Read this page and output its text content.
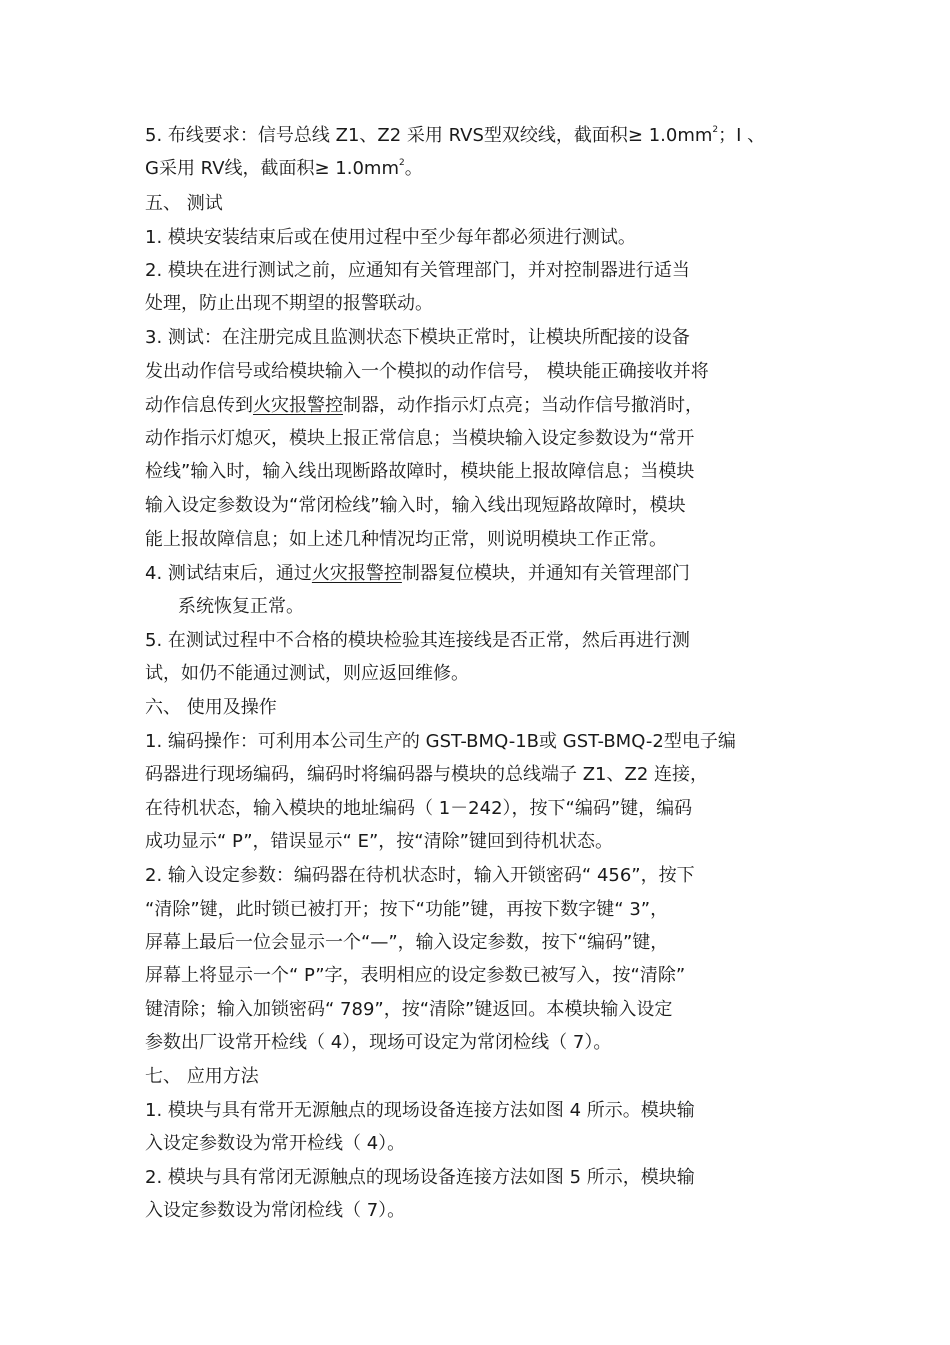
5. 布线要求：信号总线 Z1、Z2 采用 RVS型双绞线，截面积≥ $1.0mm^2$；I 、
G采用 RV线，截面积≥ $1.0mm^2$。
五、 测试
1. 模块安装结束后或在使用过程中至少每年都必须进行测试。
2. 模块在进行测试之前，应通知有关管理部门，并对控制器进行适当
处理，防止出现不期望的报警联动。
3. 测试：在注册完成且监测状态下模块正常时，让模块所配接的设备
发出动作信号或给模块输入一个模拟的动作信号， 模块能正确接收并将
动作信息传到火灾报警控制器，动作指示灯点亮；当动作信号撤消时，
动作指示灯熄灭，模块上报正常信息；当模块输入设定参数设为“常开
检线”输入时，输入线出现断路故障时，模块能上报故障信息；当模块
输入设定参数设为“常闭检线”输入时，输入线出现短路故障时，模块
能上报故障信息；如上述几种情况均正常，则说明模块工作正常。
4. 测试结束后，通过火灾报警控制器复位模块，并通知有关管理部门
系统恢复正常。
5. 在测试过程中不合格的模块检验其连接线是否正常，然后再进行测
试，如仍不能通过测试，则应返回维修。
六、 使用及操作
1. 编码操作：可利用本公司生产的 GST-BMQ-1B或 GST-BMQ-2型电子编
码器进行现场编码，编码时将编码器与模块的总线端子 Z1、Z2 连接，
在待机状态，输入模块的地址编码（ 1－242），按下“编码”键，编码
成功显示“ P”，错误显示“ E”，按“清除”键回到待机状态。
2. 输入设定参数：编码器在待机状态时，输入开锁密码“ 456”，按下
“清除”键，此时锁已被打开；按下“功能”键，再按下数字键“ 3”，
屏幕上最后一位会显示一个“—”，输入设定参数，按下“编码”键，
屏幕上将显示一个“ P”字，表明相应的设定参数已被写入，按“清除”
键清除；输入加锁密码“ 789”，按“清除”键返回。本模块输入设定
参数出厂设常开检线（ 4），现场可设定为常闭检线（ 7）。
七、 应用方法
1. 模块与具有常开无源触点的现场设备连接方法如图 4 所示。模块输
入设定参数设为常开检线（ 4）。
2. 模块与具有常闭无源触点的现场设备连接方法如图 5 所示，模块输
入设定参数设为常闭检线（ 7）。
